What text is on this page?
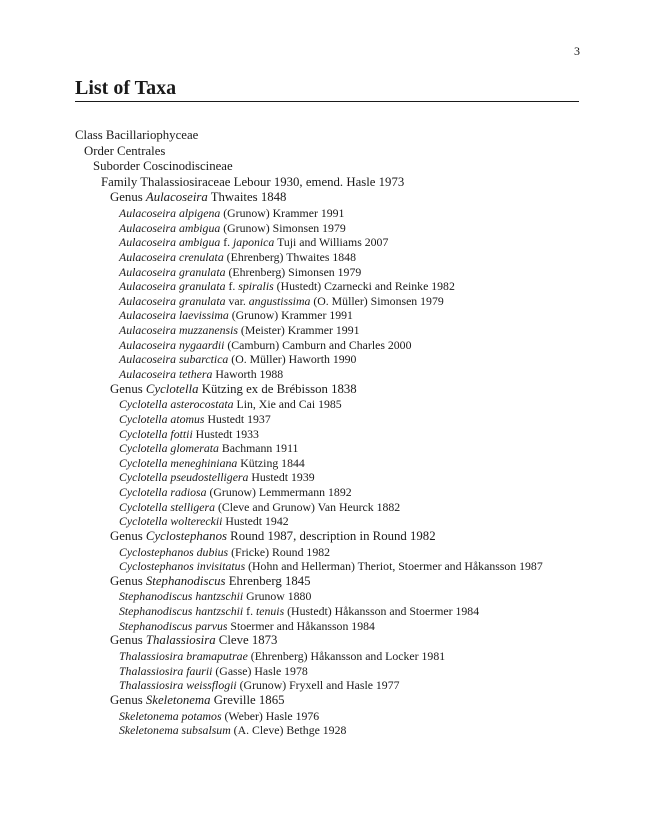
3
List of Taxa
Class Bacillariophyceae
Order Centrales
Suborder Coscinodiscineae
Family Thalassiosiraceae Lebour 1930, emend. Hasle 1973
Genus Aulacoseira Thwaites 1848
Aulacoseira alpigena (Grunow) Krammer 1991
Aulacoseira ambigua (Grunow) Simonsen 1979
Aulacoseira ambigua f. japonica Tuji and Williams 2007
Aulacoseira crenulata (Ehrenberg) Thwaites 1848
Aulacoseira granulata (Ehrenberg) Simonsen 1979
Aulacoseira granulata f. spiralis (Hustedt) Czarnecki and Reinke 1982
Aulacoseira granulata var. angustissima (O. Müller) Simonsen 1979
Aulacoseira laevissima (Grunow) Krammer 1991
Aulacoseira muzzanensis (Meister) Krammer 1991
Aulacoseira nygaardii (Camburn) Camburn and Charles 2000
Aulacoseira subarctica (O. Müller) Haworth 1990
Aulacoseira tethera Haworth 1988
Genus Cyclotella Kützing ex de Brébisson 1838
Cyclotella asterocostata Lin, Xie and Cai 1985
Cyclotella atomus Hustedt 1937
Cyclotella fottii Hustedt 1933
Cyclotella glomerata Bachmann 1911
Cyclotella meneghiniana Kützing 1844
Cyclotella pseudostelligera Hustedt 1939
Cyclotella radiosa (Grunow) Lemmermann 1892
Cyclotella stelligera (Cleve and Grunow) Van Heurck 1882
Cyclotella woltereckii Hustedt 1942
Genus Cyclostephanos Round 1987, description in Round 1982
Cyclostephanos dubius (Fricke) Round 1982
Cyclostephanos invisitatus (Hohn and Hellerman) Theriot, Stoermer and Håkansson 1987
Genus Stephanodiscus Ehrenberg 1845
Stephanodiscus hantzschii Grunow 1880
Stephanodiscus hantzschii f. tenuis (Hustedt) Håkansson and Stoermer 1984
Stephanodiscus parvus Stoermer and Håkansson 1984
Genus Thalassiosira Cleve 1873
Thalassiosira bramaputrae (Ehrenberg) Håkansson and Locker 1981
Thalassiosira faurii (Gasse) Hasle 1978
Thalassiosira weissflogii (Grunow) Fryxell and Hasle 1977
Genus Skeletonema Greville 1865
Skeletonema potamos (Weber) Hasle 1976
Skeletonema subsalsum (A. Cleve) Bethge 1928
